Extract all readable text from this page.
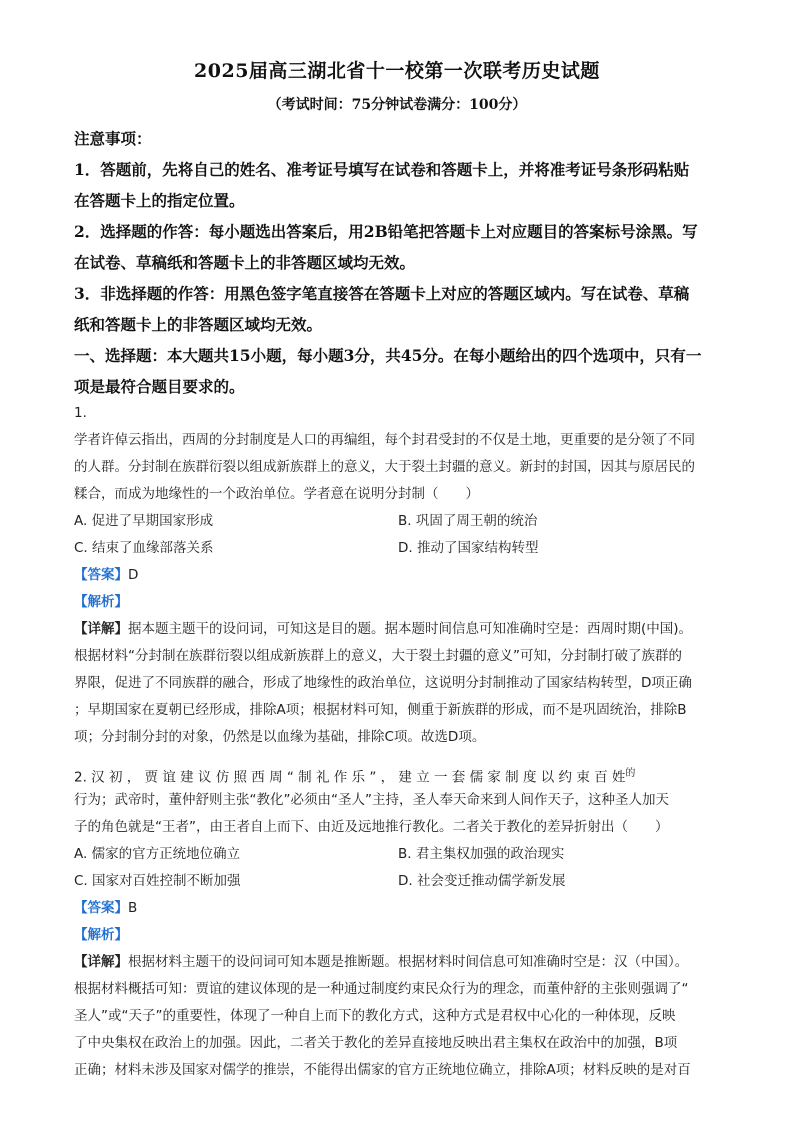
2025届高三湖北省十一校第一次联考历史试题
（考试时间：75分钟试卷满分：100分）
注意事项：
1．答题前，先将自己的姓名、准考证号填写在试卷和答题卡上，并将准考证号条形码粘贴
在答题卡上的指定位置。
2．选择题的作答：每小题选出答案后，用2B铅笔把答题卡上对应题目的答案标号涂黑。写
在试卷、草稿纸和答题卡上的非答题区域均无效。
3．非选择题的作答：用黑色签字笔直接答在答题卡上对应的答题区域内。写在试卷、草稿
纸和答题卡上的非答题区域均无效。
一、选择题：本大题共15小题，每小题3分，共45分。在每小题给出的四个选项中，只有一
项是最符合题目要求的。
1.
学者许倬云指出，西周的分封制度是人口的再编组，每个封君受封的不仅是土地，更重要的是分领了不同
的人群。分封制在族群衍裂以组成新族群上的意义，大于裂土封疆的意义。新封的封国，因其与原居民的
糅合，而成为地缘性的一个政治单位。学者意在说明分封制（　　）
A. 促进了早期国家形成	B. 巩固了周王朝的统治
C. 结束了血缘部落关系	D. 推动了国家结构转型
【答案】D
【解析】
【详解】据本题主题干的设问词，可知这是目的题。据本题时间信息可知准确时空是：西周时期(中国)。
根据材料“分封制在族群衍裂以组成新族群上的意义，大于裂土封疆的意义”可知，分封制打破了族群的
界限，促进了不同族群的融合，形成了地缘性的政治单位，这说明分封制推动了国家结构转型，D项正确
；早期国家在夏朝已经形成，排除A项；根据材料可知，侧重于新族群的形成，而不是巩固统治，排除B
项；分封制分封的对象，仍然是以血缘为基础，排除C项。故选D项。
2. 汉 初 ， 贾 谊 建 议 仿 照 西 周 “ 制 礼 作 乐 ” ， 建 立 一 套 儒 家 制 度 以 约 束 百 姓$^的$
行为；武帝时，董仲舒则主张“教化”必须由“圣人”主持，圣人奉天命来到人间作天子，这种圣人加天
子的角色就是“王者”，由王者自上而下、由近及远地推行教化。二者关于教化的差异折射出（　　）
A. 儒家的官方正统地位确立	B. 君主集权加强的政治现实
C. 国家对百姓控制不断加强	D. 社会变迁推动儒学新发展
【答案】B
【解析】
【详解】根据材料主题干的设问词可知本题是推断题。根据材料时间信息可知准确时空是：汉（中国）。
根据材料概括可知：贾谊的建议体现的是一种通过制度约束民众行为的理念，而董仲舒的主张则强调了“
圣人”或“天子”的重要性，体现了一种自上而下的教化方式，这种方式是君权中心化的一种体现，反映
了中央集权在政治上的加强。因此，二者关于教化的差异直接地反映出君主集权在政治中的加强，B项
正确；材料未涉及国家对儒学的推崇，不能得出儒家的官方正统地位确立，排除A项；材料反映的是对百
